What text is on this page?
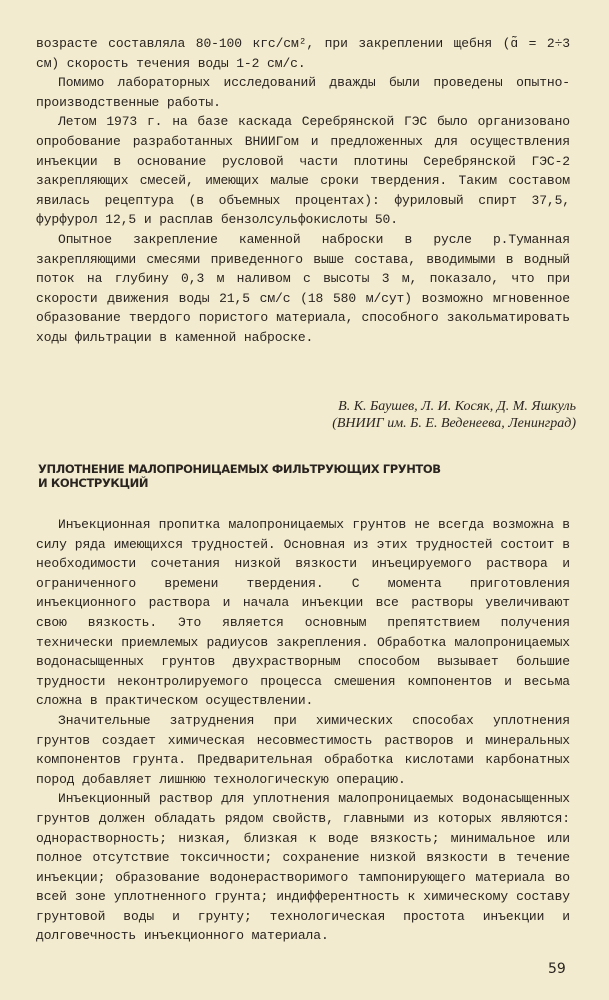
возрасте составляла 80-100 кгс/см², при закреплении щебня (ɑ̃ = 2÷3 см) скорость течения воды 1-2 см/с.

Помимо лабораторных исследований дважды были проведены опытно-производственные работы.

Летом 1973 г. на базе каскада Серебрянской ГЭС было организовано опробование разработанных ВНИИГом и предложенных для осуществления инъекции в основание русловой части плотины Серебрянской ГЭС-2 закрепляющих смесей, имеющих малые сроки твердения. Таким составом явилась рецептура (в объемных процентах): фуриловый спирт 37,5, фурфурол 12,5 и расплав бензолсульфокислоты 50.

Опытное закрепление каменной наброски в русле р.Туманная закрепляющими смесями приведенного выше состава, вводимыми в водный поток на глубину 0,3 м наливом с высоты 3 м, показало, что при скорости движения воды 21,5 см/с (18 580 м/сут) возможно мгновенное образование твердого пористого материала, способного закольматировать ходы фильтрации в каменной наброске.

В. К. Баушев, Л. И. Косяк, Д. М. Яшкуль

(ВНИИГ им. Б. Е. Веденеева, Ленинград)

УПЛОТНЕНИЕ МАЛОПРОНИЦАЕМЫХ ФИЛЬТРУЮЩИХ ГРУНТОВ
И КОНСТРУКЦИЙ

Инъекционная пропитка малопроницаемых грунтов не всегда возможна в силу ряда имеющихся трудностей. Основная из этих трудностей состоит в необходимости сочетания низкой вязкости инъецируемого раствора и ограниченного времени твердения. С момента приготовления инъекционного раствора и начала инъекции все растворы увеличивают свою вязкость. Это является основным препятствием получения технически приемлемых радиусов закрепления. Обработка малопроницаемых водонасыщенных грунтов двухрастворным способом вызывает большие трудности неконтролируемого процесса смешения компонентов и весьма сложна в практическом осуществлении.

Значительные затруднения при химических способах уплотнения грунтов создает химическая несовместимость растворов и минеральных компонентов грунта. Предварительная обработка кислотами карбонатных пород добавляет лишнюю технологическую операцию.

Инъекционный раствор для уплотнения малопроницаемых водонасыщенных грунтов должен обладать рядом свойств, главными из которых являются: однорастворность; низкая, близкая к воде вязкость; минимальное или полное отсутствие токсичности; сохранение низкой вязкости в течение инъекции; образование водонерастворимого тампонирующего материала во всей зоне уплотненного грунта; индифферентность к химическому составу грунтовой воды и грунту; технологическая простота инъекции и долговечность инъекционного материала.

59
